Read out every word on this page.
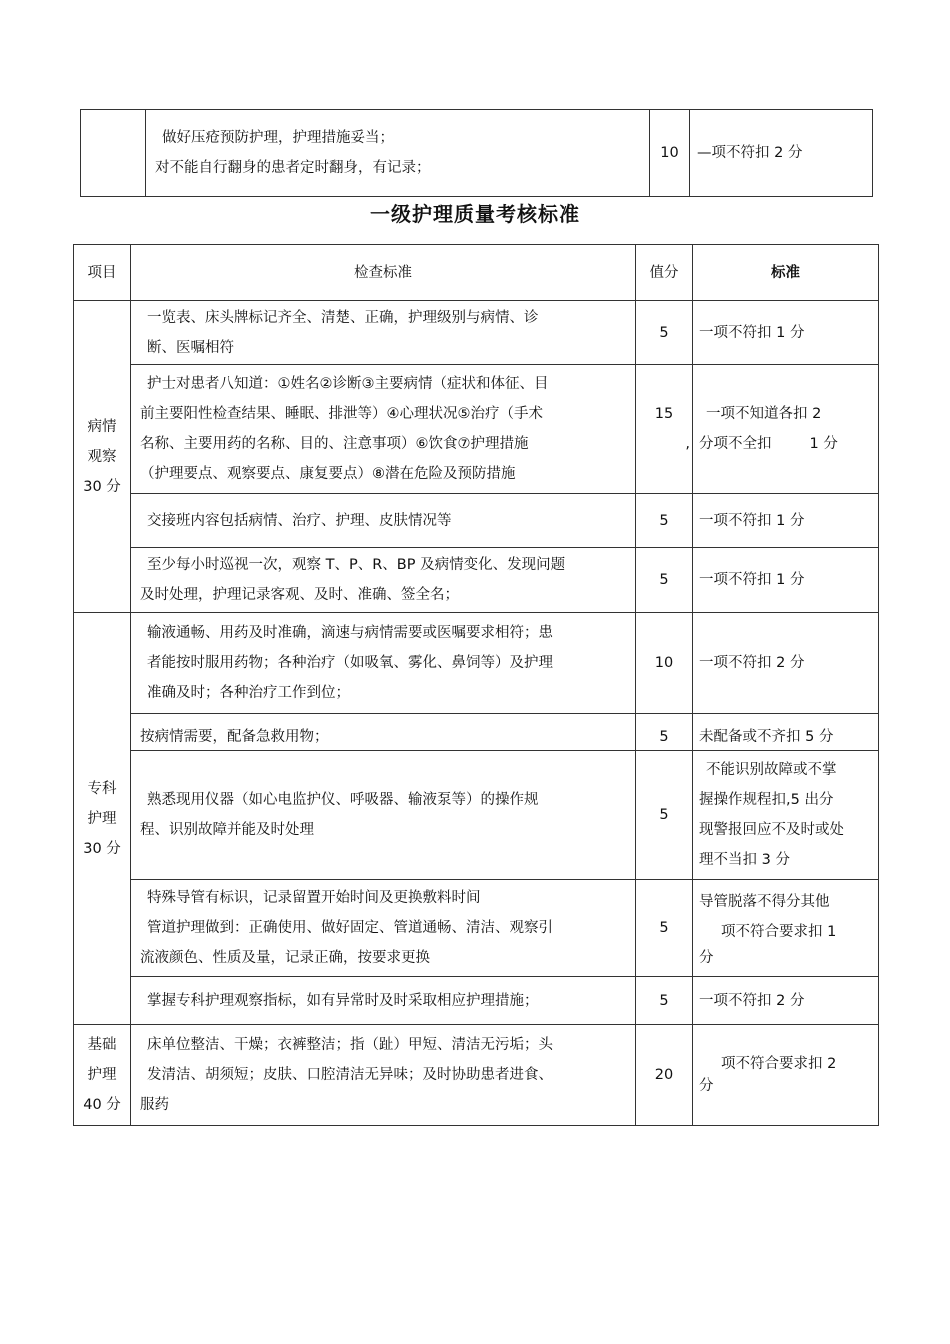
做好压疮预防护理，护理措施妥当；
对不能自行翻身的患者定时翻身，有记录；
	10	—项不符扣 2 分
一级护理质量考核标准
项目	检查标准	值分	标准

病情
观察
30 分	一览表、床头牌标记齐全、清楚、正确，护理级别与病情、诊
断、医嘱相符	5	一项不符扣 1 分

	护士对患者八知道：①姓名②诊断③主要病情（症状和体征、目
前主要阳性检查结果、睡眠、排泄等）④心理状况⑤治疗（手术
名称、主要用药的名称、目的、注意事项）⑥饮食⑦护理措施
（护理要点、观察要点、康复要点）⑧潜在危险及预防措施	15
,	一项不知道各扣 2
分项不全扣 1 分

	交接班内容包括病情、治疗、护理、皮肤情况等	5	一项不符扣 1 分

	至少每小时巡视一次，观察 T、P、R、BP 及病情变化、发现问题
及时处理，护理记录客观、及时、准确、签全名；	5	一项不符扣 1 分

专科
护理
30 分	输液通畅、用药及时准确，滴速与病情需要或医嘱要求相符；患
者能按时服用药物；各种治疗（如吸氧、雾化、鼻饲等）及护理
准确及时；各种治疗工作到位；	10	一项不符扣 2 分

	按病情需要，配备急救用物；	5	未配备或不齐扣 5 分

	熟悉现用仪器（如心电监护仪、呼吸器、输液泵等）的操作规
程、识别故障并能及时处理	5	不能识别故障或不掌
握操作规程扣,5 出分
现警报回应不及时或处
理不当扣 3 分

	特殊导管有标识，记录留置开始时间及更换敷料时间
管道护理做到：正确使用、做好固定、管道通畅、清洁、观察引
流液颜色、性质及量，记录正确，按要求更换	5	导管脱落不得分其他
项不符合要求扣 1
分

	掌握专科护理观察指标，如有异常时及时采取相应护理措施；	5	一项不符扣 2 分

基础
护理
40 分	床单位整洁、干燥；衣裤整洁；指（趾）甲短、清洁无污垢；头
发清洁、胡须短；皮肤、口腔清洁无异味；及时协助患者进食、
服药	20	项不符合要求扣 2
分
